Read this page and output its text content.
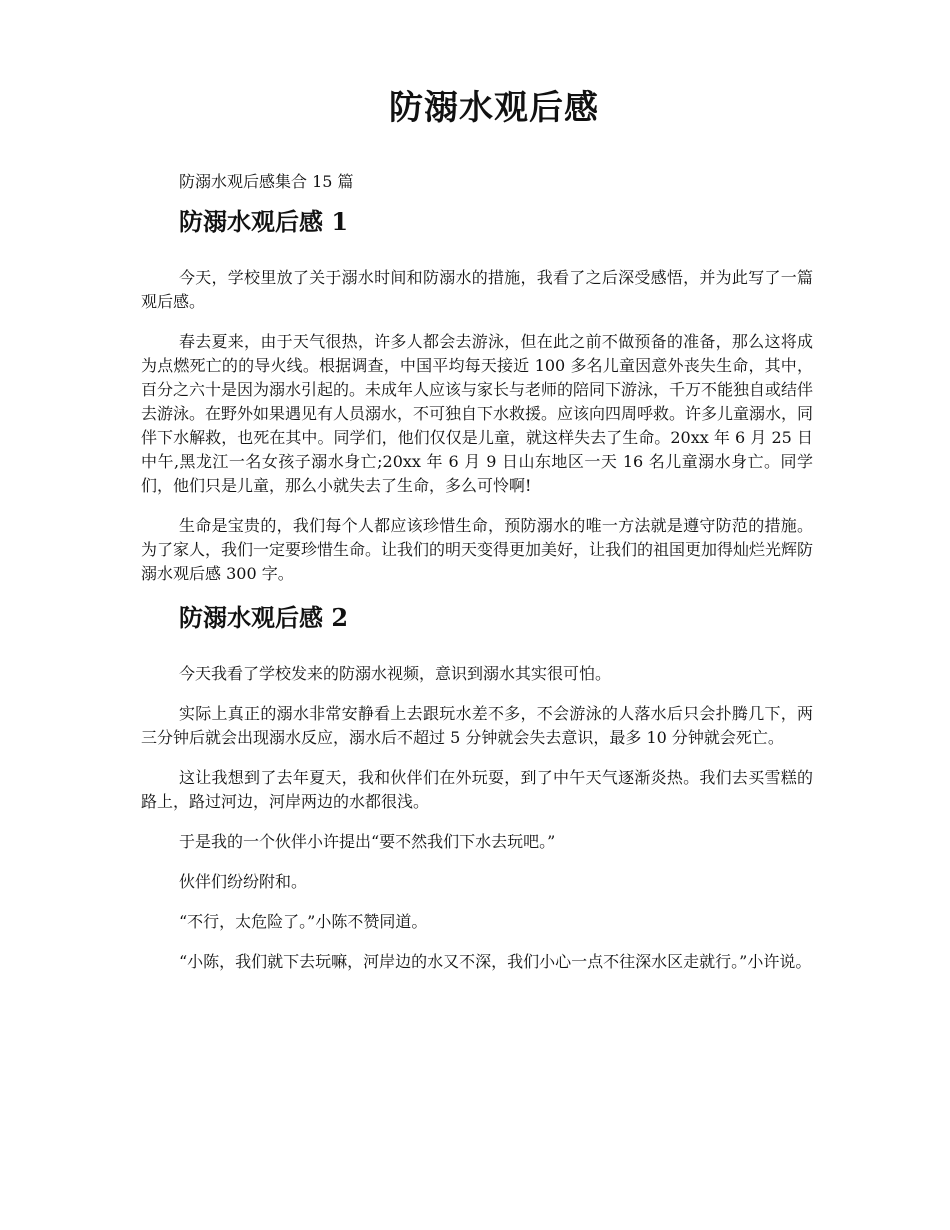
防溺水观后感
防溺水观后感集合 15 篇
防溺水观后感 1

今天，学校里放了关于溺水时间和防溺水的措施，我看了之后深受感悟，并为此写了一篇观后感。

春去夏来，由于天气很热，许多人都会去游泳，但在此之前不做预备的准备，那么这将成为点燃死亡的的导火线。根据调查，中国平均每天接近 100 多名儿童因意外丧失生命，其中，百分之六十是因为溺水引起的。未成年人应该与家长与老师的陪同下游泳，千万不能独自或结伴去游泳。在野外如果遇见有人员溺水，不可独自下水救援。应该向四周呼救。许多儿童溺水，同伴下水解救，也死在其中。同学们，他们仅仅是儿童，就这样失去了生命。20xx 年 6 月 25 日中午,黑龙江一名女孩子溺水身亡;20xx 年 6 月 9 日山东地区一天 16 名儿童溺水身亡。同学们，他们只是儿童，那么小就失去了生命，多么可怜啊!

生命是宝贵的，我们每个人都应该珍惜生命，预防溺水的唯一方法就是遵守防范的措施。为了家人，我们一定要珍惜生命。让我们的明天变得更加美好，让我们的祖国更加得灿烂光辉防溺水观后感 300 字。

防溺水观后感 2

今天我看了学校发来的防溺水视频，意识到溺水其实很可怕。

实际上真正的溺水非常安静看上去跟玩水差不多，不会游泳的人落水后只会扑腾几下，两三分钟后就会出现溺水反应，溺水后不超过 5 分钟就会失去意识，最多 10 分钟就会死亡。

这让我想到了去年夏天，我和伙伴们在外玩耍，到了中午天气逐渐炎热。我们去买雪糕的路上，路过河边，河岸两边的水都很浅。

于是我的一个伙伴小许提出“要不然我们下水去玩吧。”

伙伴们纷纷附和。

“不行，太危险了。”小陈不赞同道。

“小陈，我们就下去玩嘛，河岸边的水又不深，我们小心一点不往深水区走就行。”小许说。
